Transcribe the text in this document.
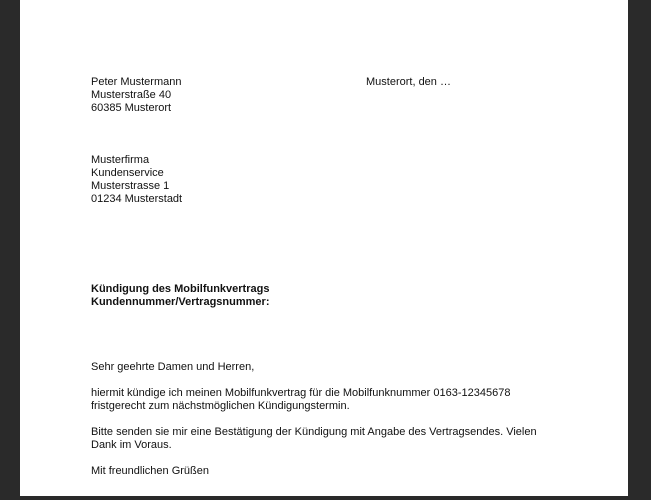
Peter Mustermann
Musterstraße 40
60385 Musterort
Musterort, den …
Musterfirma
Kundenservice
Musterstrasse 1
01234 Musterstadt
Kündigung des Mobilfunkvertrags
Kundennummer/Vertragsnummer:
Sehr geehrte Damen und Herren,
hiermit kündige ich meinen Mobilfunkvertrag für die Mobilfunknummer 0163-12345678
fristgerecht zum nächstmöglichen Kündigungstermin.
Bitte senden sie mir eine Bestätigung der Kündigung mit Angabe des Vertragsendes. Vielen
Dank im Voraus.
Mit freundlichen Grüßen
